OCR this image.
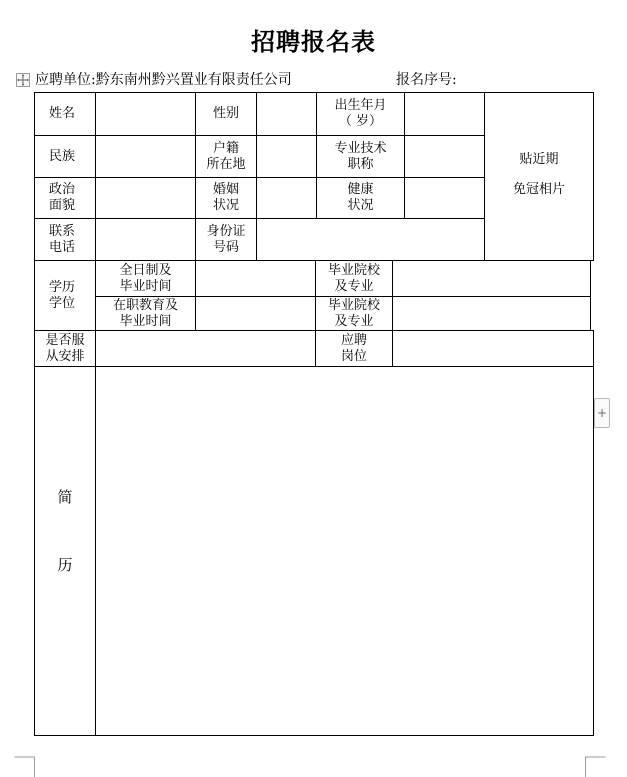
招聘报名表
应聘单位:黔东南州黔兴置业有限责任公司	报名序号:
姓名	性别
出生年月
（ 岁）
贴近期
免冠相片
民族
户籍
所在地
专业技术
职称
政治
面貌
婚姻
状况
健康
状况
联系
电话
身份证
号码
学历
学位
全日制及
毕业时间
毕业院校
及专业
在职教育及
毕业时间
毕业院校
及专业
是否服
从安排
应聘
岗位
简
历
+
